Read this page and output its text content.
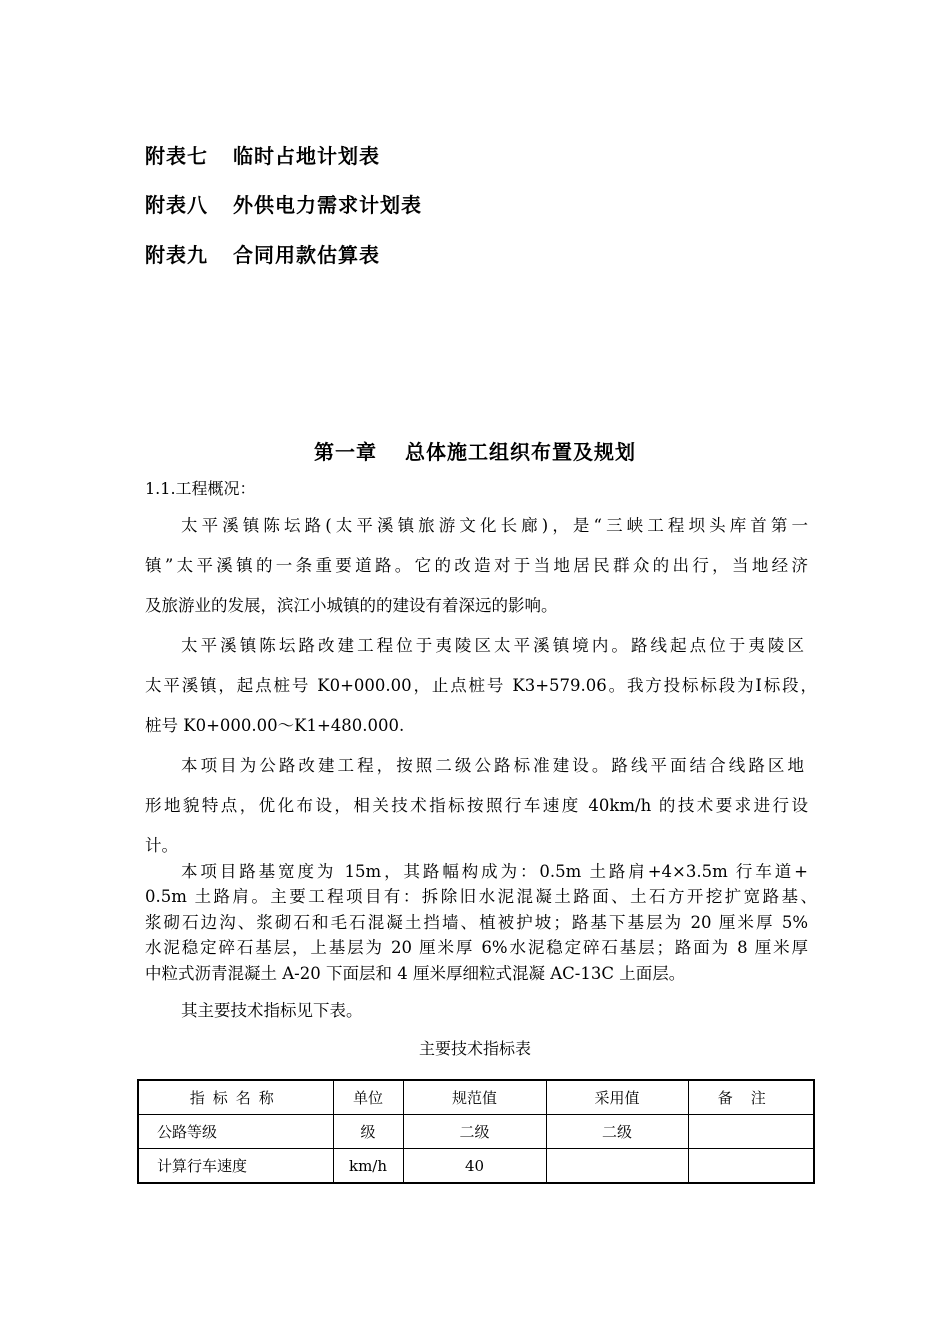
附表七 临时占地计划表
附表八 外供电力需求计划表
附表九 合同用款估算表
第一章 总体施工组织布置及规划
1.1.工程概况：
太平溪镇陈坛路(太平溪镇旅游文化长廊)，是“三峡工程坝头库首第一
镇”太平溪镇的一条重要道路。它的改造对于当地居民群众的出行，当地经济
及旅游业的发展，滨江小城镇的的建设有着深远的影响。
太平溪镇陈坛路改建工程位于夷陵区太平溪镇境内。路线起点位于夷陵区
太平溪镇，起点桩号 K0+000.00，止点桩号 K3+579.06。我方投标标段为Ⅰ标段，
桩号 K0+000.00～K1+480.000.
本项目为公路改建工程，按照二级公路标准建设。路线平面结合线路区地
形地貌特点，优化布设，相关技术指标按照行车速度 40km/h 的技术要求进行设
计。
本项目路基宽度为 15m，其路幅构成为：0.5m 土路肩+4×3.5m 行车道+
0.5m 土路肩。主要工程项目有：拆除旧水泥混凝土路面、土石方开挖扩宽路基、
浆砌石边沟、浆砌石和毛石混凝土挡墙、植被护坡；路基下基层为 20 厘米厚 5%
水泥稳定碎石基层，上基层为 20 厘米厚 6%水泥稳定碎石基层；路面为 8 厘米厚
中粒式沥青混凝土 A-20 下面层和 4 厘米厚细粒式混凝 AC-13C 上面层。
其主要技术指标见下表。
主要技术指标表
指标名称	单位	规范值	采用值	备注
公路等级	级	二级	二级	
计算行车速度	km/h	40		
